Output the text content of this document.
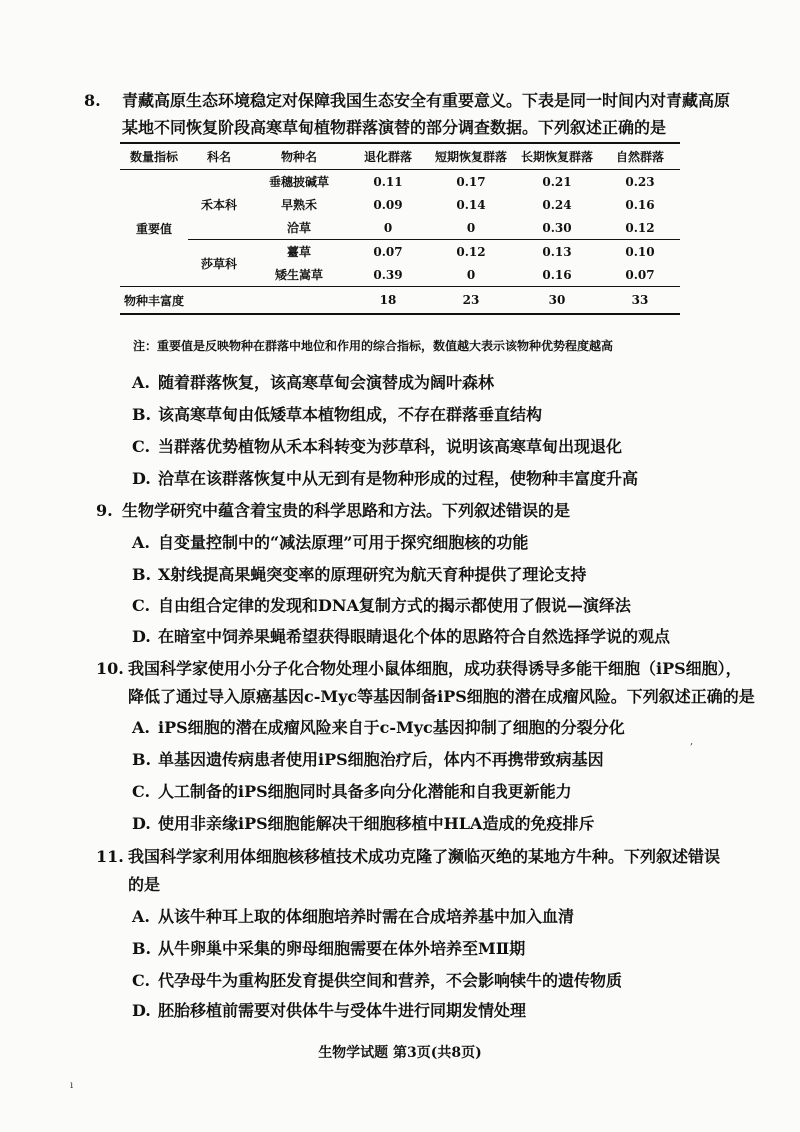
8. 青藏高原生态环境稳定对保障我国生态安全有重要意义。下表是同一时间内对青藏高原
某地不同恢复阶段高寒草甸植物群落演替的部分调查数据。下列叙述正确的是
数量指标	科名	物种名	退化群落	短期恢复群落	长期恢复群落	自然群落
重要值	禾本科	垂穗披碱草	0.11	0.17	0.21	0.23
		早熟禾	0.09	0.14	0.24	0.16
		洽草	0	0	0.30	0.12
	莎草科	薹草	0.07	0.12	0.13	0.10
		矮生嵩草	0.39	0	0.16	0.07
物种丰富度			18	23	30	33
注：重要值是反映物种在群落中地位和作用的综合指标，数值越大表示该物种优势程度越高
A. 随着群落恢复，该高寒草甸会演替成为阔叶森林
B. 该高寒草甸由低矮草本植物组成，不存在群落垂直结构
C. 当群落优势植物从禾本科转变为莎草科，说明该高寒草甸出现退化
D. 洽草在该群落恢复中从无到有是物种形成的过程，使物种丰富度升高
9. 生物学研究中蕴含着宝贵的科学思路和方法。下列叙述错误的是
A. 自变量控制中的“减法原理”可用于探究细胞核的功能
B. X射线提高果蝇突变率的原理研究为航天育种提供了理论支持
C. 自由组合定律的发现和DNA复制方式的揭示都使用了假说—演绎法
D. 在暗室中饲养果蝇希望获得眼睛退化个体的思路符合自然选择学说的观点
10. 我国科学家使用小分子化合物处理小鼠体细胞，成功获得诱导多能干细胞（iPS细胞），
降低了通过导入原癌基因c-Myc等基因制备iPS细胞的潜在成瘤风险。下列叙述正确的是
A. iPS细胞的潜在成瘤风险来自于c-Myc基因抑制了细胞的分裂分化
B. 单基因遗传病患者使用iPS细胞治疗后，体内不再携带致病基因
C. 人工制备的iPS细胞同时具备多向分化潜能和自我更新能力
D. 使用非亲缘iPS细胞能解决干细胞移植中HLA造成的免疫排斥
11. 我国科学家利用体细胞核移植技术成功克隆了濒临灭绝的某地方牛种。下列叙述错误
的是
A. 从该牛种耳上取的体细胞培养时需在合成培养基中加入血清
B. 从牛卵巢中采集的卵母细胞需要在体外培养至MⅡ期
C. 代孕母牛为重构胚发育提供空间和营养，不会影响犊牛的遗传物质
D. 胚胎移植前需要对供体牛与受体牛进行同期发情处理
生物学试题 第3页(共8页)
,
ı
